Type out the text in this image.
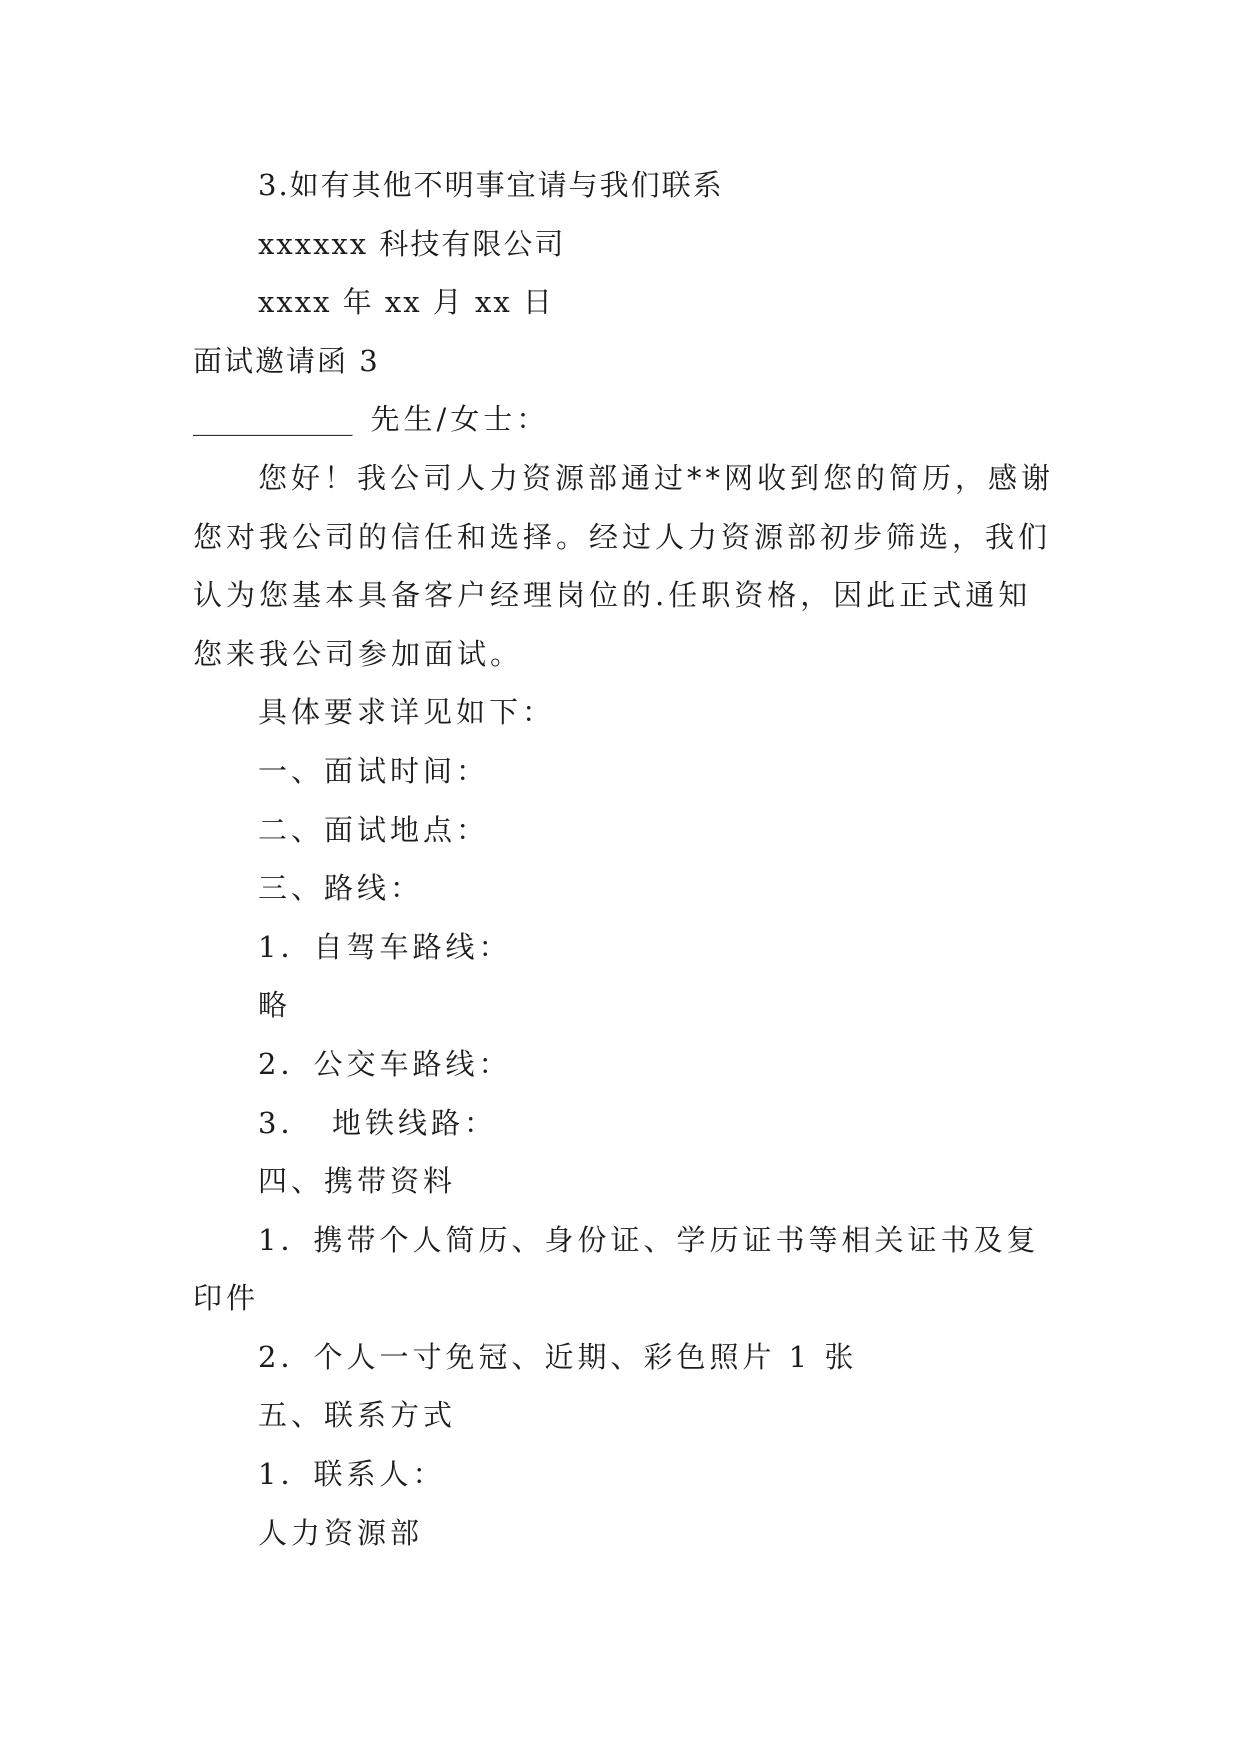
3.如有其他不明事宜请与我们联系
xxxxxx 科技有限公司
xxxx 年 xx 月 xx 日
面试邀请函 3
___________ 先生/女士：
您好！我公司人力资源部通过**网收到您的简历，感谢
您对我公司的信任和选择。经过人力资源部初步筛选，我们
认为您基本具备客户经理岗位的.任职资格，因此正式通知
您来我公司参加面试。
具体要求详见如下：
一、面试时间：
二、面试地点：
三、路线：
1．自驾车路线：
略
2．公交车路线：
3．　地铁线路：
四、携带资料
1．携带个人简历、身份证、学历证书等相关证书及复
印件
2．个人一寸免冠、近期、彩色照片 1 张
五、联系方式
1．联系人：
人力资源部
